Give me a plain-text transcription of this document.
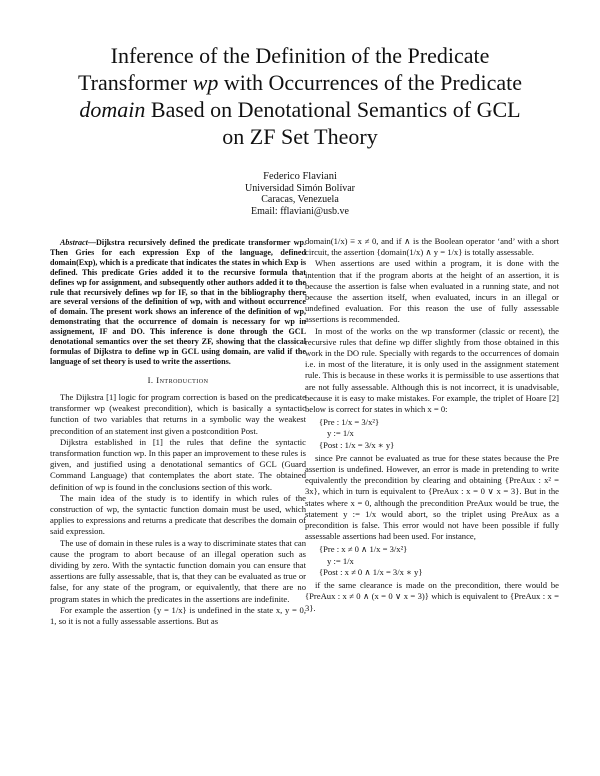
Inference of the Definition of the Predicate
Transformer wp with Occurrences of the Predicate
domain Based on Denotational Semantics of GCL
on ZF Set Theory
Federico Flaviani
Universidad Simón Bolívar
Caracas, Venezuela
Email: fflaviani@usb.ve

Abstract—Dijkstra recursively defined the predicate transformer wp. Then Gries for each expression Exp of the language, defined domain(Exp), which is a predicate that indicates the states in which Exp is defined. This predicate Gries added it to the recursive formula that defines wp for assignment, and subsequently other authors added it to the rule that recursively defines wp for IF, so that in the bibliography there are several versions of the definition of wp, with and without occurrence of domain. The present work shows an inference of the definition of wp, demonstrating that the occurrence of domain is necessary for wp in assignement, IF and DO. This inference is done through the GCL denotational semantics over the set theory ZF, showing that the classical formulas of Dijkstra to define wp in GCL using domain, are valid if the language of set theory is used to write the assertions.

I. Introduction

The Dijkstra [1] logic for program correction is based on the predicate transformer wp (weakest precondition), which is basically a syntactic function of two variables that returns in a symbolic way the weakest precondition of an statement inst given a postcondition Post.

Dijkstra established in [1] the rules that define the syntactic transformation function wp. In this paper an improvement to these rules is given, and justified using a denotational semantics of GCL (Guard Command Language) that contemplates the abort state. The obtained definition of wp is found in the conclusions section of this work.

The main idea of the study is to identify in which rules of the construction of wp, the syntactic function domain must be used, which applies to expressions and returns a predicate that describes the domain of said expression.

The use of domain in these rules is a way to discriminate states that can cause the program to abort because of an illegal operation such as dividing by zero. With the syntactic function domain you can ensure that assertions are fully assessable, that is, that they can be evaluated as true or false, for any state of the program, or equivalently, that there are no program states in which the predicates in the assertions are indefinite.

For example the assertion {y = 1/x} is undefined in the state x, y = 0, 1, so it is not a fully assessable assertions. But as

domain(1/x) ≡ x ≠ 0, and if ∧ is the Boolean operator ‘and’ with a short circuit, the assertion {domain(1/x) ∧ y = 1/x} is totally assessable.

When assertions are used within a program, it is done with the intention that if the program aborts at the height of an assertion, it is because the assertion is false when evaluated in a running state, and not because the assertion itself, when evaluated, incurs in an illegal or undefined evaluation. For this reason the use of fully assessable assertions is recommended.

In most of the works on the wp transformer (classic or recent), the recursive rules that define wp differ slightly from those obtained in this work in the DO rule. Specially with regards to the occurrences of domain i.e. in most of the literature, it is only used in the assignment statement rule. This is because in these works it is permissible to use assertions that are not fully assessable. Although this is not incorrect, it is unadvisable, because it is easy to make mistakes. For example, the triplet of Hoare [2] below is correct for states in which x = 0:

{Pre : 1/x = 3/x²}
y := 1/x
{Post : 1/x = 3/x ∗ y}

since Pre cannot be evaluated as true for these states because the Pre assertion is undefined. However, an error is made in pretending to write equivalently the precondition by clearing and obtaining {PreAux : x² = 3x}, which in turn is equivalent to {PreAux : x = 0 ∨ x = 3}. But in the states where x = 0, although the precondition PreAux would be true, the statement y := 1/x would abort, so the triplet using PreAux as a precondition is false. This error would not have been possible if fully assessable assertions had been used. For instance,

{Pre : x ≠ 0 ∧ 1/x = 3/x²}
y := 1/x
{Post : x ≠ 0 ∧ 1/x = 3/x ∗ y}

if the same clearance is made on the precondition, there would be {PreAux : x ≠ 0 ∧ (x = 0 ∨ x = 3)} which is equivalent to {PreAux : x = 3}.
